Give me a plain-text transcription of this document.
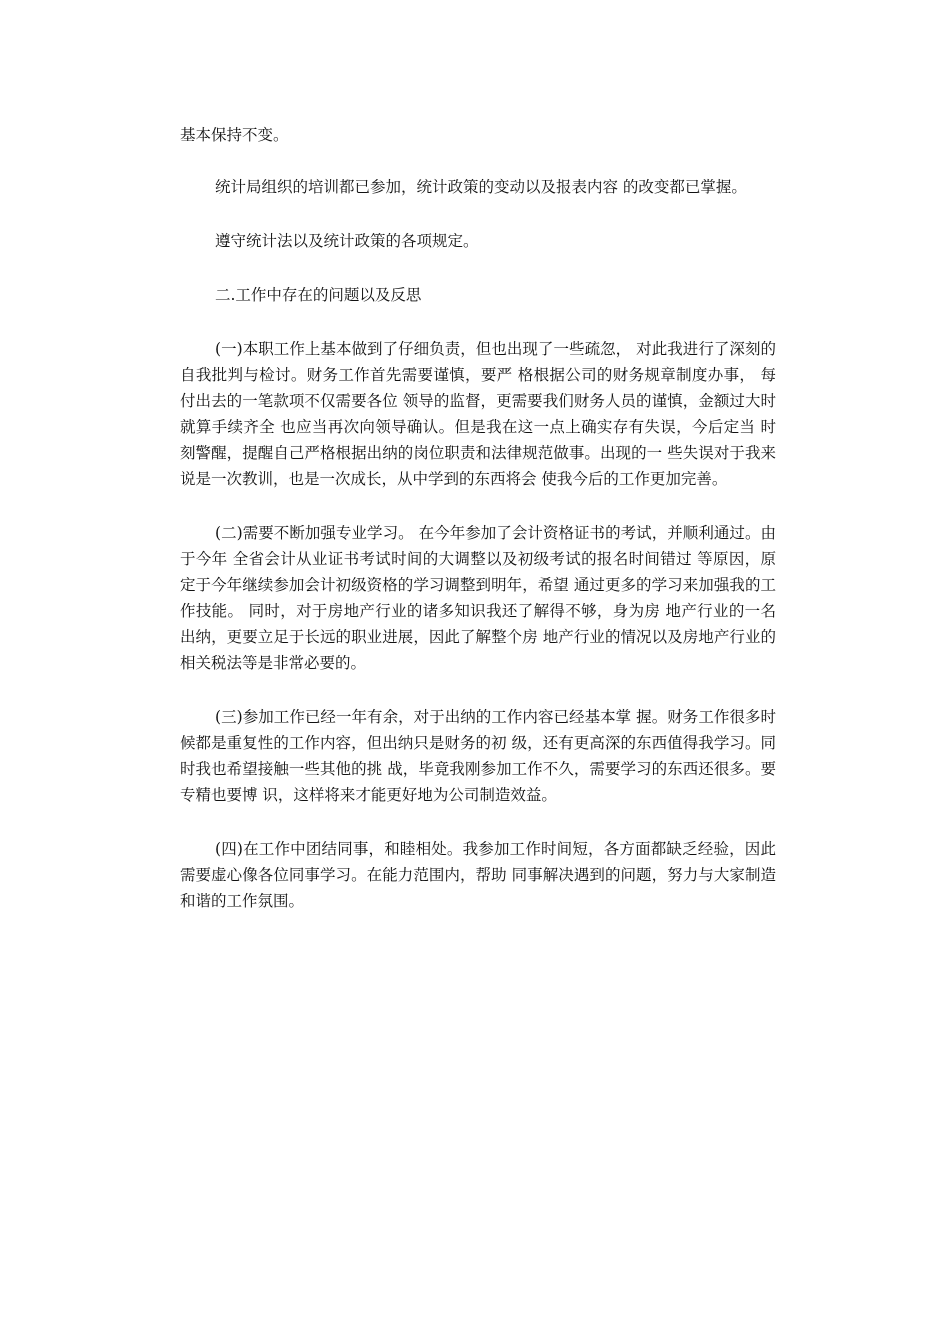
基本保持不变。

统计局组织的培训都已参加，统计政策的变动以及报表内容 的改变都已掌握。

遵守统计法以及统计政策的各项规定。

二.工作中存在的问题以及反思

(一)本职工作上基本做到了仔细负责，但也出现了一些疏忽， 对此我进行了深刻的自我批判与检讨。财务工作首先需要谨慎，要严 格根据公司的财务规章制度办事， 每付出去的一笔款项不仅需要各位 领导的监督，更需要我们财务人员的谨慎，金额过大时就算手续齐全 也应当再次向领导确认。但是我在这一点上确实存有失误，今后定当 时刻警醒，提醒自己严格根据出纳的岗位职责和法律规范做事。出现的一 些失误对于我来说是一次教训，也是一次成长，从中学到的东西将会 使我今后的工作更加完善。

(二)需要不断加强专业学习。 在今年参加了会计资格证书的考试，并顺利通过。由于今年 全省会计从业证书考试时间的大调整以及初级考试的报名时间错过 等原因，原定于今年继续参加会计初级资格的学习调整到明年，希望 通过更多的学习来加强我的工作技能。 同时，对于房地产行业的诸多知识我还了解得不够，身为房 地产行业的一名出纳，更要立足于长远的职业进展，因此了解整个房 地产行业的情况以及房地产行业的相关税法等是非常必要的。

(三)参加工作已经一年有余，对于出纳的工作内容已经基本掌 握。财务工作很多时候都是重复性的工作内容，但出纳只是财务的初 级，还有更高深的东西值得我学习。同时我也希望接触一些其他的挑 战，毕竟我刚参加工作不久，需要学习的东西还很多。要专精也要博 识，这样将来才能更好地为公司制造效益。

(四)在工作中团结同事，和睦相处。我参加工作时间短，各方面都缺乏经验，因此需要虚心像各位同事学习。在能力范围内，帮助 同事解决遇到的问题，努力与大家制造和谐的工作氛围。
